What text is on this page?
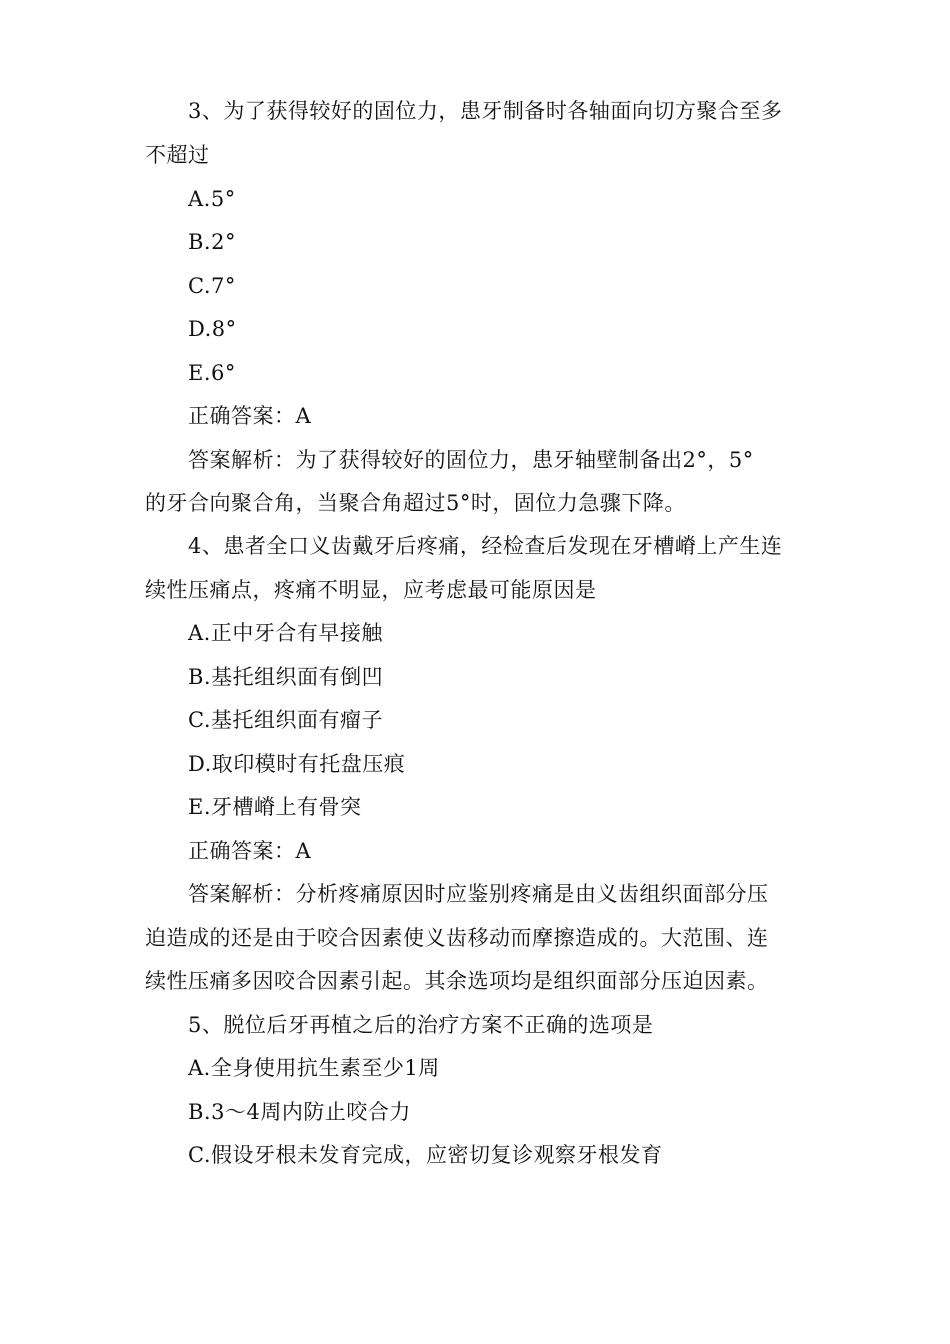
3、为了获得较好的固位力，患牙制备时各轴面向切方聚合至多
不超过
A.5°
B.2°
C.7°
D.8°
E.6°
正确答案：A
答案解析：为了获得较好的固位力，患牙轴壁制备出2°，5°
的牙合向聚合角，当聚合角超过5°时，固位力急骤下降。
4、患者全口义齿戴牙后疼痛，经检查后发现在牙槽嵴上产生连
续性压痛点，疼痛不明显，应考虑最可能原因是
A.正中牙合有早接触
B.基托组织面有倒凹
C.基托组织面有瘤子
D.取印模时有托盘压痕
E.牙槽嵴上有骨突
正确答案：A
答案解析：分析疼痛原因时应鉴别疼痛是由义齿组织面部分压
迫造成的还是由于咬合因素使义齿移动而摩擦造成的。大范围、连
续性压痛多因咬合因素引起。其余选项均是组织面部分压迫因素。
5、脱位后牙再植之后的治疗方案不正确的选项是
A.全身使用抗生素至少1周
B.3～4周内防止咬合力
C.假设牙根未发育完成，应密切复诊观察牙根发育
